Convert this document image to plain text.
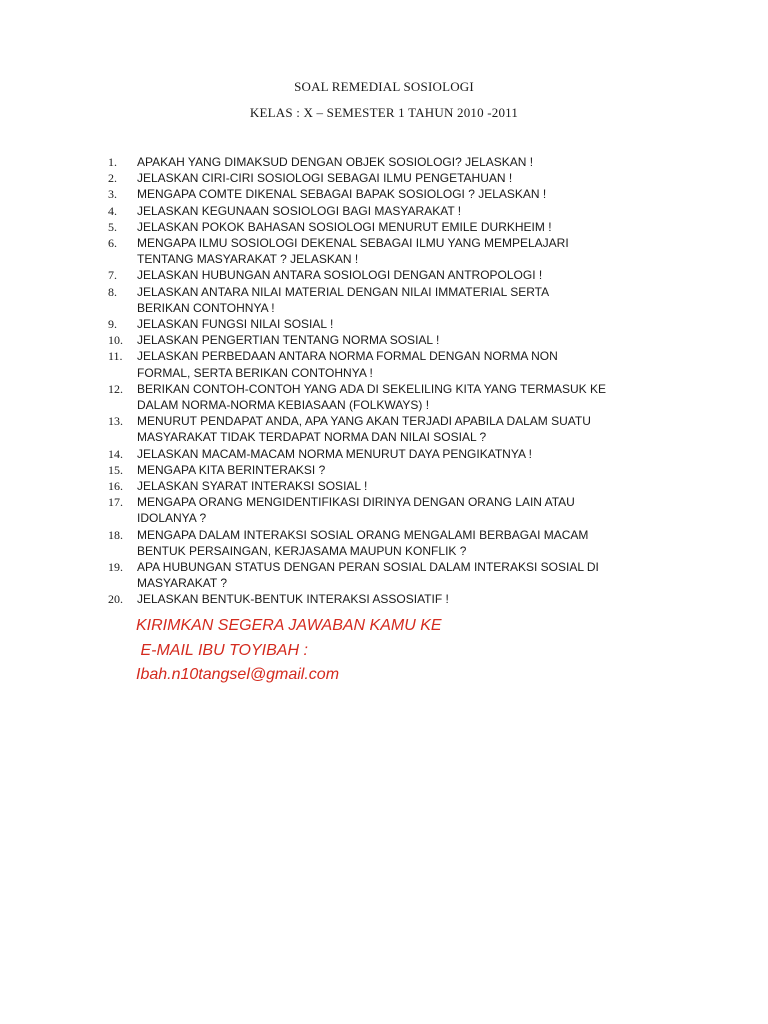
SOAL REMEDIAL SOSIOLOGI
KELAS : X – SEMESTER 1 TAHUN 2010 -2011
1.	APAKAH YANG DIMAKSUD DENGAN OBJEK SOSIOLOGI? JELASKAN !
2.	JELASKAN CIRI-CIRI SOSIOLOGI SEBAGAI ILMU PENGETAHUAN !
3.	MENGAPA COMTE DIKENAL SEBAGAI BAPAK SOSIOLOGI ? JELASKAN !
4.	JELASKAN KEGUNAAN SOSIOLOGI BAGI MASYARAKAT !
5.	JELASKAN POKOK BAHASAN SOSIOLOGI MENURUT EMILE DURKHEIM !
6.	MENGAPA ILMU SOSIOLOGI DEKENAL SEBAGAI ILMU YANG MEMPELAJARI
TENTANG MASYARAKAT ? JELASKAN !
7.	JELASKAN HUBUNGAN ANTARA SOSIOLOGI DENGAN ANTROPOLOGI !
8.	JELASKAN ANTARA NILAI MATERIAL DENGAN NILAI IMMATERIAL SERTA
BERIKAN CONTOHNYA !
9.	JELASKAN FUNGSI NILAI SOSIAL !
10.	JELASKAN PENGERTIAN TENTANG NORMA SOSIAL !
11.	JELASKAN PERBEDAAN ANTARA NORMA FORMAL DENGAN NORMA NON
FORMAL, SERTA BERIKAN CONTOHNYA !
12.	BERIKAN CONTOH-CONTOH YANG ADA DI SEKELILING KITA YANG TERMASUK KE
DALAM NORMA-NORMA KEBIASAAN (FOLKWAYS) !
13.	MENURUT PENDAPAT ANDA, APA YANG AKAN TERJADI APABILA DALAM SUATU
MASYARAKAT TIDAK TERDAPAT NORMA DAN NILAI SOSIAL ?
14.	JELASKAN MACAM-MACAM NORMA MENURUT DAYA PENGIKATNYA !
15.	MENGAPA KITA BERINTERAKSI ?
16.	JELASKAN SYARAT INTERAKSI SOSIAL !
17.	MENGAPA ORANG MENGIDENTIFIKASI DIRINYA DENGAN ORANG LAIN ATAU
IDOLANYA ?
18.	MENGAPA DALAM INTERAKSI SOSIAL ORANG MENGALAMI BERBAGAI MACAM
BENTUK PERSAINGAN, KERJASAMA MAUPUN KONFLIK ?
19.	APA HUBUNGAN STATUS DENGAN PERAN SOSIAL DALAM INTERAKSI SOSIAL DI
MASYARAKAT ?
20.	JELASKAN BENTUK-BENTUK INTERAKSI ASSOSIATIF !
KIRIMKAN SEGERA JAWABAN KAMU KE
E-MAIL IBU TOYIBAH :
Ibah.n10tangsel@gmail.com
